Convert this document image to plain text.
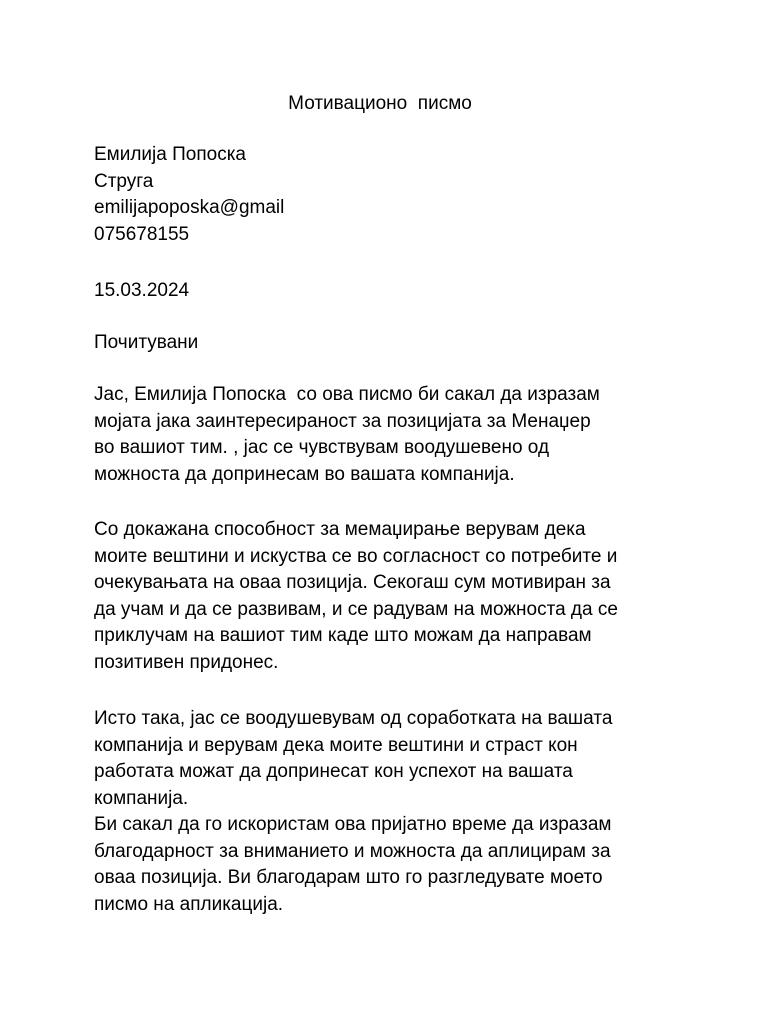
Мотивационо  писмо
Емилија Попоска
Струга
emilijapoposka@gmail
075678155
15.03.2024
Почитувани
Јас, Емилија Попоска  со ова писмо би сакал да изразам
мојата јака заинтересираност за позицијата за Менаџер
во вашиот тим. , јас се чувствувам воодушевено од
можноста да допринесам во вашата компанија.
Со докажана способност за мемаџирање верувам дека
моите вештини и искуства се во согласност со потребите и
очекувањата на оваа позиција. Секогаш сум мотивиран за
да учам и да се развивам, и се радувам на можноста да се
приклучам на вашиот тим каде што можам да направам
позитивен придонес.
Исто така, јас се воодушевувам од соработката на вашата
компанија и верувам дека моите вештини и страст кон
работата можат да допринесат кон успехот на вашата
компанија.
Би сакал да го искористам ова пријатно време да изразам
благодарност за вниманието и можноста да аплицирам за
оваа позиција. Ви благодарам што го разгледувате моето
писмо на апликација.
